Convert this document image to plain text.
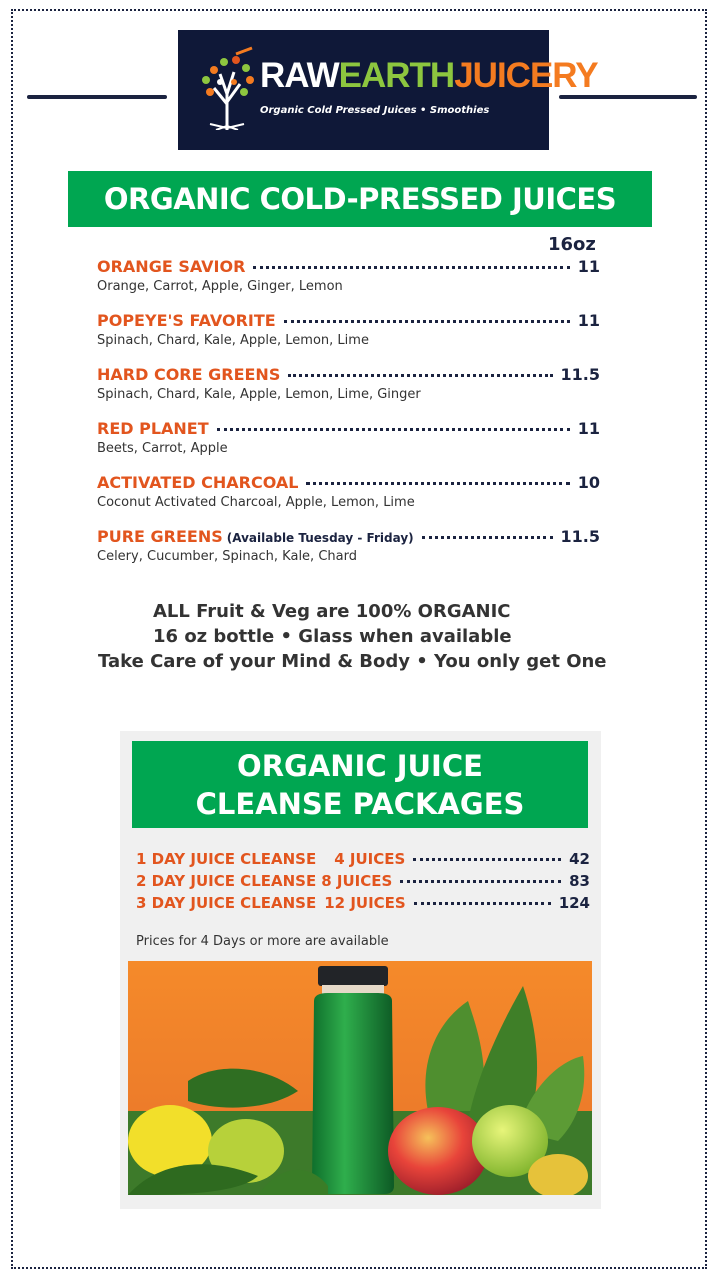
RAWEARTHJUICERY
Organic Cold Pressed Juices • Smoothies
ORGANIC COLD-PRESSED JUICES
16oz
ORANGE SAVIOR	11
Orange, Carrot, Apple, Ginger, Lemon
POPEYE'S FAVORITE	11
Spinach, Chard, Kale, Apple, Lemon, Lime
HARD CORE GREENS	11.5
Spinach, Chard, Kale, Apple, Lemon, Lime, Ginger
RED PLANET	11
Beets, Carrot, Apple
ACTIVATED CHARCOAL	10
Coconut Activated Charcoal, Apple, Lemon, Lime
PURE GREENS (Available Tuesday - Friday)	11.5
Celery, Cucumber, Spinach, Kale, Chard
ALL Fruit & Veg are 100% ORGANIC
16 oz bottle • Glass when available
Take Care of your Mind & Body • You only get One
ORGANIC JUICE
CLEANSE PACKAGES
1 DAY JUICE CLEANSE 4 JUICES	42
2 DAY JUICE CLEANSE 8 JUICES	83
3 DAY JUICE CLEANSE 12 JUICES	124
Prices for 4 Days or more are available
